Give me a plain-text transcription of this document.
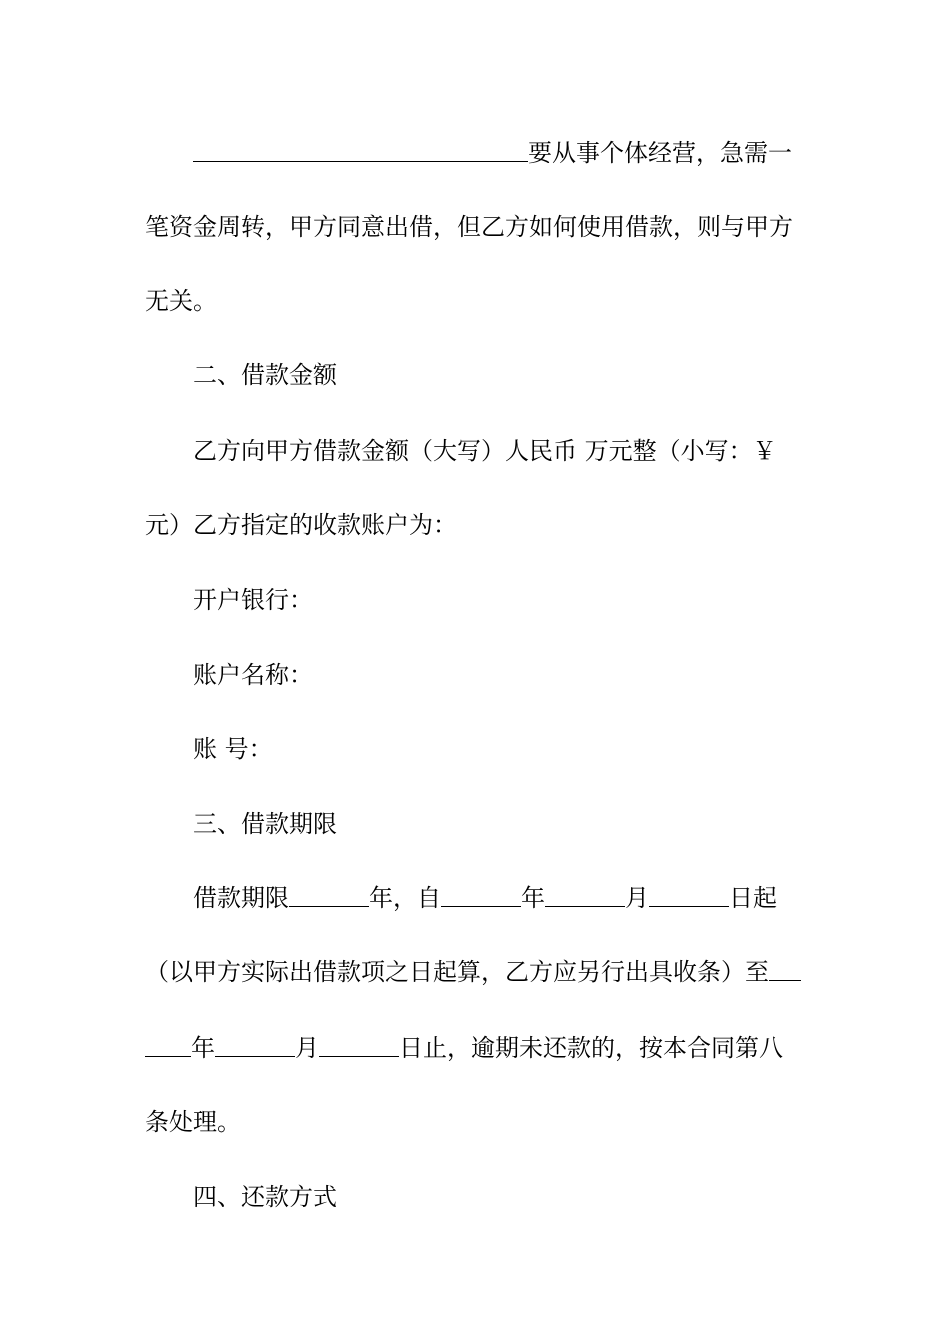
要从事个体经营，急需一
笔资金周转，甲方同意出借，但乙方如何使用借款，则与甲方
无关。
二、借款金额
乙方向甲方借款金额（大写）人民币 万元整（小写：￥
元）乙方指定的收款账户为：
开户银行：
账户名称：
账 号：
三、借款期限
借款期限	年，自	年	月	日起
（以甲方实际出借款项之日起算，乙方应另行出具收条）至
年	月	日止，逾期未还款的，按本合同第八
条处理。
四、还款方式
